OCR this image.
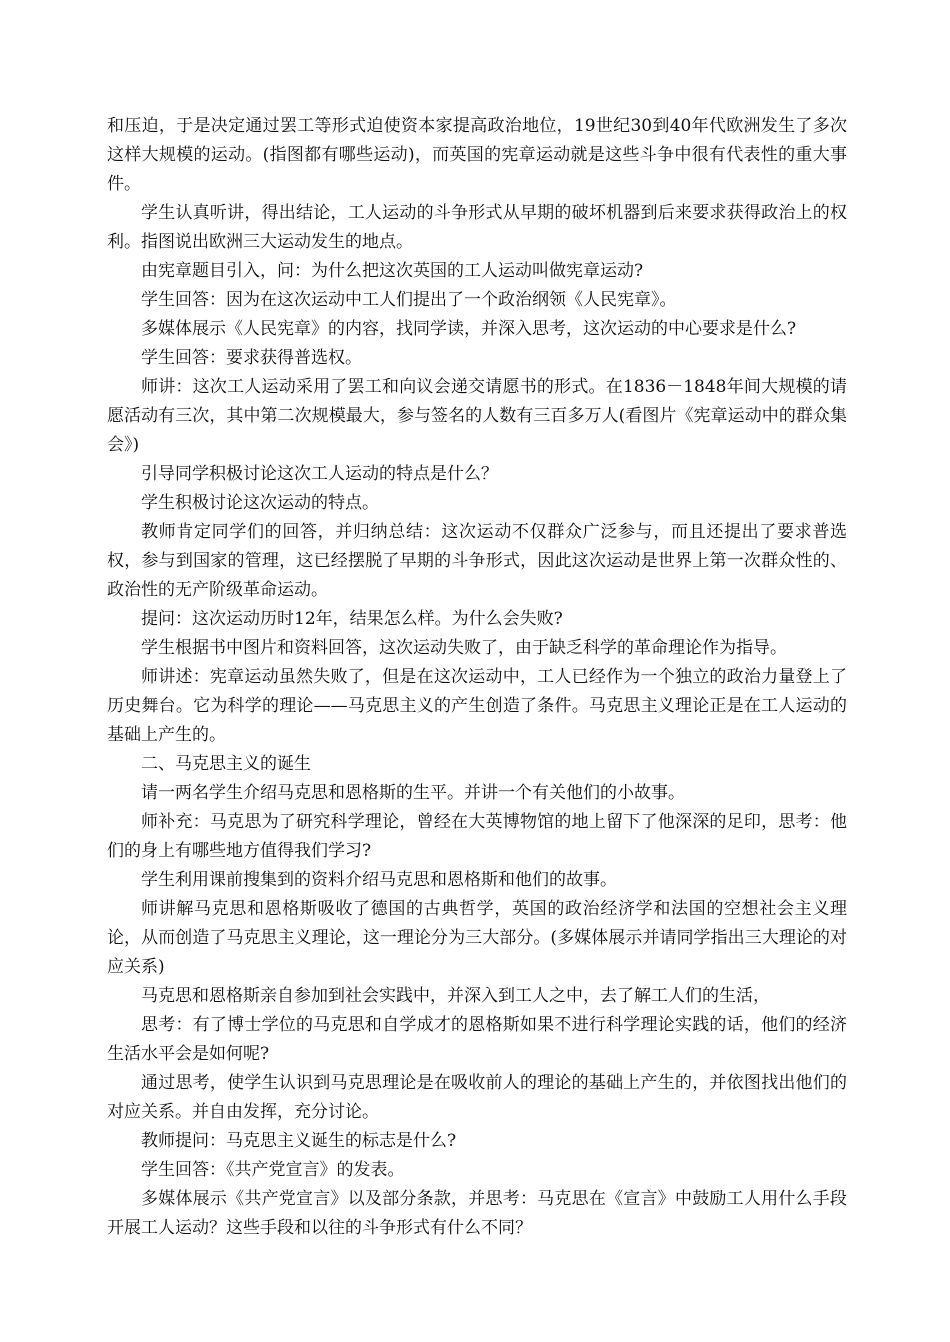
和压迫，于是决定通过罢工等形式迫使资本家提高政治地位，19世纪30到40年代欧洲发生了多次这样大规模的运动。(指图都有哪些运动)，而英国的宪章运动就是这些斗争中很有代表性的重大事件。

学生认真听讲，得出结论，工人运动的斗争形式从早期的破坏机器到后来要求获得政治上的权利。指图说出欧洲三大运动发生的地点。

由宪章题目引入，问：为什么把这次英国的工人运动叫做宪章运动?

学生回答：因为在这次运动中工人们提出了一个政治纲领《人民宪章》。

多媒体展示《人民宪章》的内容，找同学读，并深入思考，这次运动的中心要求是什么?

学生回答：要求获得普选权。

师讲：这次工人运动采用了罢工和向议会递交请愿书的形式。在1836－1848年间大规模的请愿活动有三次，其中第二次规模最大，参与签名的人数有三百多万人(看图片《宪章运动中的群众集会》)

引导同学积极讨论这次工人运动的特点是什么？

学生积极讨论这次运动的特点。

教师肯定同学们的回答，并归纳总结：这次运动不仅群众广泛参与，而且还提出了要求普选权，参与到国家的管理，这已经摆脱了早期的斗争形式，因此这次运动是世界上第一次群众性的、政治性的无产阶级革命运动。

提问：这次运动历时12年，结果怎么样。为什么会失败?

学生根据书中图片和资料回答，这次运动失败了，由于缺乏科学的革命理论作为指导。

师讲述：宪章运动虽然失败了，但是在这次运动中，工人已经作为一个独立的政治力量登上了历史舞台。它为科学的理论——马克思主义的产生创造了条件。马克思主义理论正是在工人运动的基础上产生的。

二、马克思主义的诞生

请一两名学生介绍马克思和恩格斯的生平。并讲一个有关他们的小故事。

师补充：马克思为了研究科学理论，曾经在大英博物馆的地上留下了他深深的足印，思考：他们的身上有哪些地方值得我们学习?

学生利用课前搜集到的资料介绍马克思和恩格斯和他们的故事。

师讲解马克思和恩格斯吸收了德国的古典哲学，英国的政治经济学和法国的空想社会主义理论，从而创造了马克思主义理论，这一理论分为三大部分。(多媒体展示并请同学指出三大理论的对应关系)

马克思和恩格斯亲自参加到社会实践中，并深入到工人之中，去了解工人们的生活，

思考：有了博士学位的马克思和自学成才的恩格斯如果不进行科学理论实践的话，他们的经济生活水平会是如何呢?

通过思考，使学生认识到马克思理论是在吸收前人的理论的基础上产生的，并依图找出他们的对应关系。并自由发挥，充分讨论。

教师提问：马克思主义诞生的标志是什么?

学生回答：《共产党宣言》的发表。

多媒体展示《共产党宣言》以及部分条款，并思考：马克思在《宣言》中鼓励工人用什么手段开展工人运动？这些手段和以往的斗争形式有什么不同？
